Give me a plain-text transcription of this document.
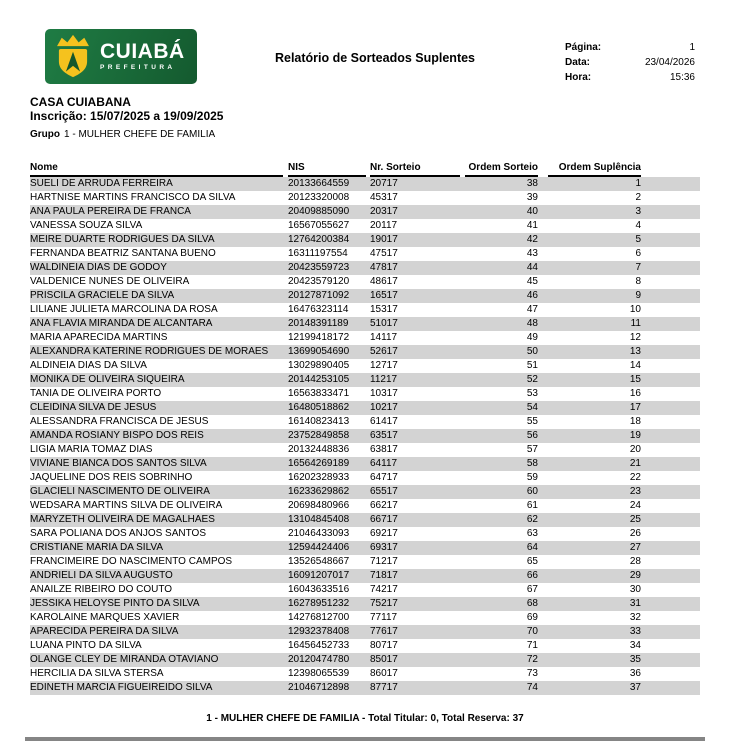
CUIABÁ
PREFEITURA
Relatório de Sorteados Suplentes
Página:	1
Data:	23/04/2026
Hora:	15:36
CASA CUIABANA
Inscrição: 15/07/2025 a 19/09/2025
Grupo 1 - MULHER CHEFE DE FAMILIA
Nome	NIS	Nr. Sorteio	Ordem Sorteio	Ordem Suplência
SUELI DE ARRUDA FERREIRA	20133664559	20717	38	1
HARTNISE MARTINS FRANCISCO DA SILVA	20123320008	45317	39	2
ANA PAULA PEREIRA DE FRANCA	20409885090	20317	40	3
VANESSA SOUZA SILVA	16567055627	20117	41	4
MEIRE DUARTE RODRIGUES DA SILVA	12764200384	19017	42	5
FERNANDA BEATRIZ SANTANA BUENO	16311197554	47517	43	6
WALDINEIA DIAS DE GODOY	20423559723	47817	44	7
VALDENICE NUNES DE OLIVEIRA	20423579120	48617	45	8
PRISCILA GRACIELE DA SILVA	20127871092	16517	46	9
LILIANE JULIETA MARCOLINA DA ROSA	16476323114	15317	47	10
ANA FLAVIA MIRANDA DE ALCANTARA	20148391189	51017	48	11
MARIA APARECIDA MARTINS	12199418172	14117	49	12
ALEXANDRA KATERINE RODRIGUES DE MORAES	13699054690	52617	50	13
ALDINEIA DIAS DA SILVA	13029890405	12717	51	14
MONIKA DE OLIVEIRA SIQUEIRA	20144253105	11217	52	15
TANIA DE OLIVEIRA PORTO	16563833471	10317	53	16
CLEIDINA SILVA DE JESUS	16480518862	10217	54	17
ALESSANDRA FRANCISCA DE JESUS	16140823413	61417	55	18
AMANDA ROSIANY BISPO DOS REIS	23752849858	63517	56	19
LIGIA MARIA TOMAZ DIAS	20132448836	63817	57	20
VIVIANE BIANCA DOS SANTOS SILVA	16564269189	64117	58	21
JAQUELINE DOS REIS SOBRINHO	16202328933	64717	59	22
GLACIELI NASCIMENTO DE OLIVEIRA	16233629862	65517	60	23
WEDSARA MARTINS SILVA DE OLIVEIRA	20698480966	66217	61	24
MARYZETH OLIVEIRA DE MAGALHAES	13104845408	66717	62	25
SARA POLIANA DOS ANJOS SANTOS	21046433093	69217	63	26
CRISTIANE MARIA DA SILVA	12594424406	69317	64	27
FRANCIMEIRE DO NASCIMENTO CAMPOS	13526548667	71217	65	28
ANDRIELI DA SILVA AUGUSTO	16091207017	71817	66	29
ANAILZE RIBEIRO DO COUTO	16043633516	74217	67	30
JESSIKA HELOYSE PINTO DA SILVA	16278951232	75217	68	31
KAROLAINE MARQUES XAVIER	14276812700	77117	69	32
APARECIDA PEREIRA DA SILVA	12932378408	77617	70	33
LUANA PINTO DA SILVA	16456452733	80717	71	34
OLANGE CLEY DE MIRANDA OTAVIANO	20120474780	85017	72	35
HERCILIA DA SILVA STERSA	12398065539	86017	73	36
EDINETH MARCIA FIGUEIREIDO SILVA	21046712898	87717	74	37
1 - MULHER CHEFE DE FAMILIA - Total Titular: 0, Total Reserva: 37
